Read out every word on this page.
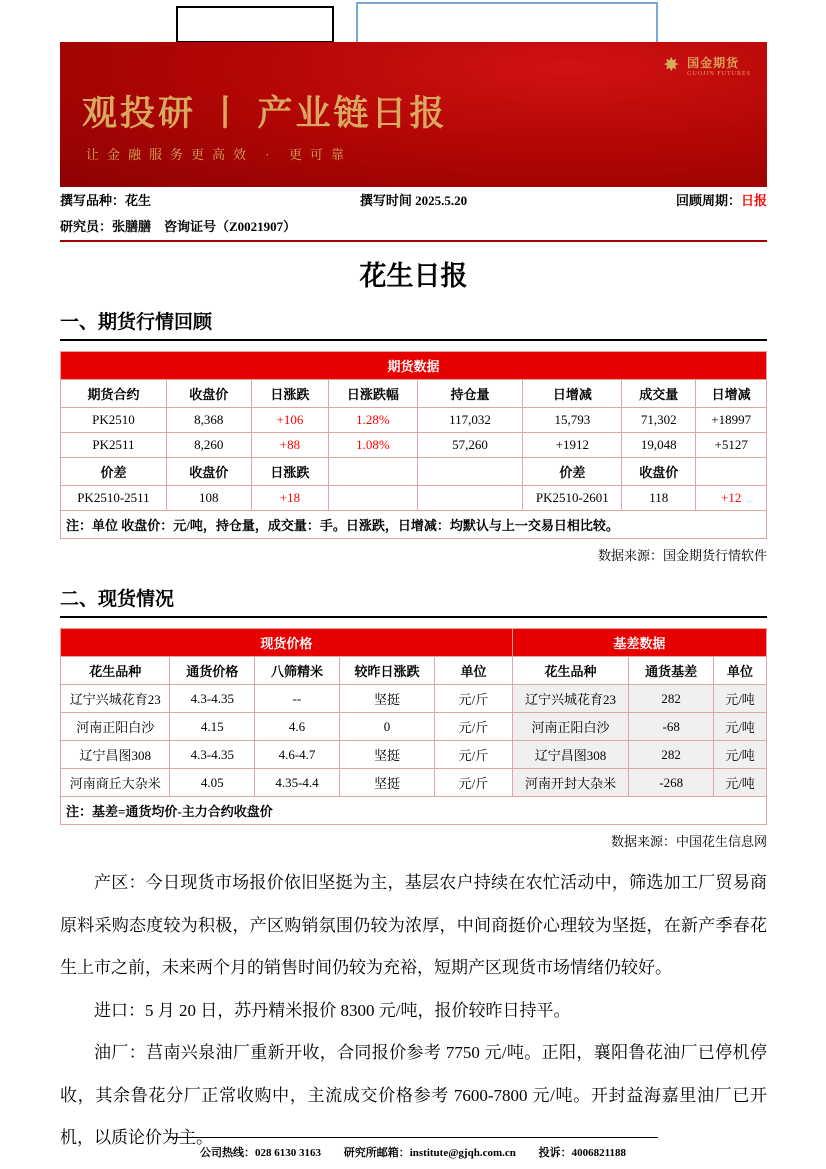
✸ 国金期货
GUOJIN FUTURES
观投研 丨 产业链日报
让金融服务更高效 · 更可靠
撰写品种：花生	撰写时间 2025.5.20	回顾周期：日报
研究员：张膳膳　咨询证号（Z0021907）
花生日报
一、期货行情回顾
期货数据							
期货合约	收盘价	日涨跌	日涨跌幅	持仓量	日增减	成交量	日增减
PK2510	8,368	+106	1.28%	117,032	15,793	71,302	+18997
PK2511	8,260	+88	1.08%	57,260	+1912	19,048	+5127
价差	收盘价	日涨跌			价差	收盘价	
PK2510-2511	108	+18			PK2510-2601	118	+12
注：单位 收盘价：元/吨，持仓量，成交量：手。日涨跌，日增减：均默认与上一交易日相比较。							
数据来源：国金期货行情软件
二、现货情况
现货价格					基差数据		
花生品种	通货价格	八筛精米	较昨日涨跌	单位	花生品种	通货基差	单位
辽宁兴城花育23	4.3-4.35	--	坚挺	元/斤	辽宁兴城花育23	282	元/吨
河南正阳白沙	4.15	4.6	0	元/斤	河南正阳白沙	-68	元/吨
辽宁昌图308	4.3-4.35	4.6-4.7	坚挺	元/斤	辽宁昌图308	282	元/吨
河南商丘大杂米	4.05	4.35-4.4	坚挺	元/斤	河南开封大杂米	-268	元/吨
注：基差=通货均价-主力合约收盘价							
数据来源：中国花生信息网

产区：今日现货市场报价依旧坚挺为主，基层农户持续在农忙活动中，筛选加工厂贸易商原料采购态度较为积极，产区购销氛围仍较为浓厚，中间商挺价心理较为坚挺，在新产季春花生上市之前，未来两个月的销售时间仍较为充裕，短期产区现货市场情绪仍较好。

进口：5 月 20 日，苏丹精米报价 8300 元/吨，报价较昨日持平。

油厂：莒南兴泉油厂重新开收，合同报价参考 7750 元/吨。正阳，襄阳鲁花油厂已停机停收，其余鲁花分厂正常收购中，主流成交价格参考 7600-7800 元/吨。开封益海嘉里油厂已开机，以质论价为主。

公司热线：028 6130 3163 研究所邮箱：institute@gjqh.com.cn 投诉：4006821188
